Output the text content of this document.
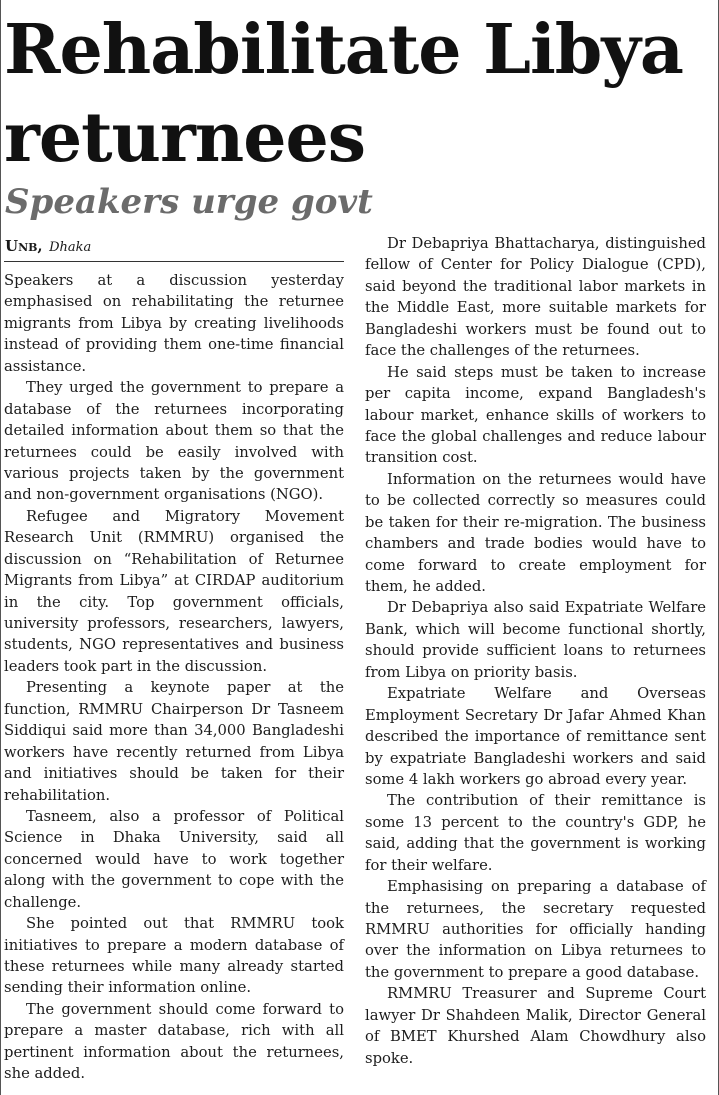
Rehabilitate Libya returnees
Speakers urge govt
Unb, Dhaka

Speakers at a discussion yesterday emphasised on rehabilitating the returnee migrants from Libya by creating livelihoods instead of providing them one-time financial assistance.

They urged the government to prepare a database of the returnees incorporating detailed information about them so that the returnees could be easily involved with various projects taken by the government and non-government organisations (NGO).

Refugee and Migratory Movement Research Unit (RMMRU) organised the discussion on “Rehabilitation of Returnee Migrants from Libya” at CIRDAP auditorium in the city. Top government officials, university professors, researchers, lawyers, students, NGO representatives and business leaders took part in the discussion.

Presenting a keynote paper at the function, RMMRU Chairperson Dr Tasneem Siddiqui said more than 34,000 Bangladeshi workers have recently returned from Libya and initiatives should be taken for their rehabilitation.

Tasneem, also a professor of Political Science in Dhaka University, said all concerned would have to work together along with the government to cope with the challenge.

She pointed out that RMMRU took initiatives to prepare a modern database of these returnees while many already started sending their information online.

The government should come forward to prepare a master database, rich with all pertinent information about the returnees, she added.

Dr Debapriya Bhattacharya, distinguished fellow of Center for Policy Dialogue (CPD), said beyond the traditional labor markets in the Middle East, more suitable markets for Bangladeshi workers must be found out to face the challenges of the returnees.

He said steps must be taken to increase per capita income, expand Bangladesh's labour market, enhance skills of workers to face the global challenges and reduce labour transition cost.

Information on the returnees would have to be collected correctly so measures could be taken for their re-migration. The business chambers and trade bodies would have to come forward to create employment for them, he added.

Dr Debapriya also said Expatriate Welfare Bank, which will become functional shortly, should provide sufficient loans to returnees from Libya on priority basis.

Expatriate Welfare and Overseas Employment Secretary Dr Jafar Ahmed Khan described the importance of remittance sent by expatriate Bangladeshi workers and said some 4 lakh workers go abroad every year.

The contribution of their remittance is some 13 percent to the country's GDP, he said, adding that the government is working for their welfare.

Emphasising on preparing a database of the returnees, the secretary requested RMMRU authorities for officially handing over the information on Libya returnees to the government to prepare a good database.

RMMRU Treasurer and Supreme Court lawyer Dr Shahdeen Malik, Director General of BMET Khurshed Alam Chowdhury also spoke.
